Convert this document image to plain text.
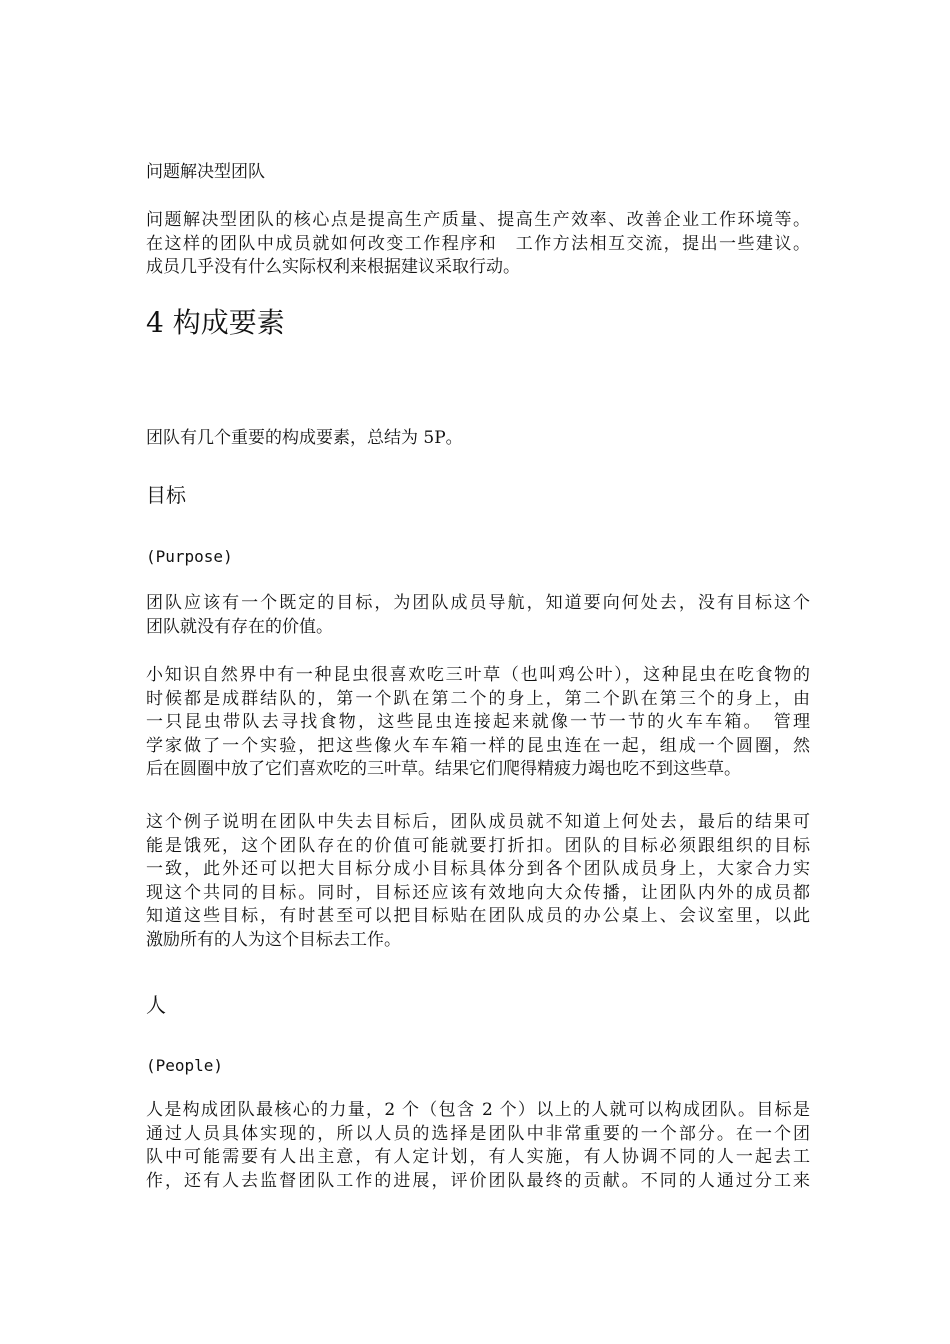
问题解决型团队

问题解决型团队的核心点是提高生产质量、提高生产效率、改善企业工作环境等。
在这样的团队中成员就如何改变工作程序和　工作方法相互交流，提出一些建议。
成员几乎没有什么实际权利来根据建议采取行动。

4 构成要素

团队有几个重要的构成要素，总结为 5P。

目标

(Purpose)

团队应该有一个既定的目标，为团队成员导航，知道要向何处去，没有目标这个
团队就没有存在的价值。

小知识自然界中有一种昆虫很喜欢吃三叶草（也叫鸡公叶），这种昆虫在吃食物的
时候都是成群结队的，第一个趴在第二个的身上，第二个趴在第三个的身上，由
一只昆虫带队去寻找食物，这些昆虫连接起来就像一节一节的火车车箱。　管理
学家做了一个实验，把这些像火车车箱一样的昆虫连在一起，组成一个圆圈，然
后在圆圈中放了它们喜欢吃的三叶草。结果它们爬得精疲力竭也吃不到这些草。

这个例子说明在团队中失去目标后，团队成员就不知道上何处去，最后的结果可
能是饿死，这个团队存在的价值可能就要打折扣。团队的目标必须跟组织的目标
一致，此外还可以把大目标分成小目标具体分到各个团队成员身上，大家合力实
现这个共同的目标。同时，目标还应该有效地向大众传播，让团队内外的成员都
知道这些目标，有时甚至可以把目标贴在团队成员的办公桌上、会议室里，以此
激励所有的人为这个目标去工作。

人

(People)

人是构成团队最核心的力量，2 个（包含 2 个）以上的人就可以构成团队。目标是
通过人员具体实现的，所以人员的选择是团队中非常重要的一个部分。在一个团
队中可能需要有人出主意，有人定计划，有人实施，有人协调不同的人一起去工
作，还有人去监督团队工作的进展，评价团队最终的贡献。不同的人通过分工来
